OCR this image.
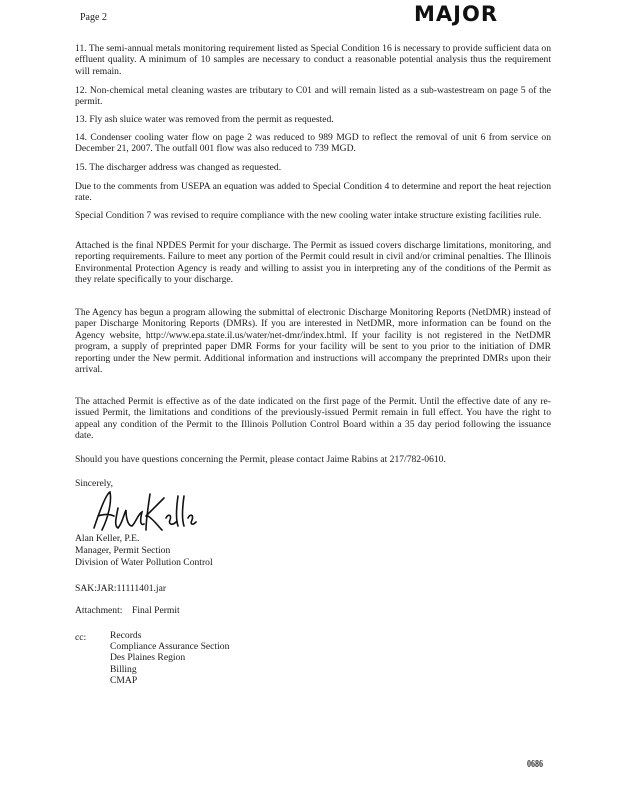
Page 2	MAJOR

11. The semi-annual metals monitoring requirement listed as Special Condition 16 is necessary to provide sufficient data on effluent quality. A minimum of 10 samples are necessary to conduct a reasonable potential analysis thus the requirement will remain.

12. Non-chemical metal cleaning wastes are tributary to C01 and will remain listed as a sub-wastestream on page 5 of the permit.

13. Fly ash sluice water was removed from the permit as requested.

14. Condenser cooling water flow on page 2 was reduced to 989 MGD to reflect the removal of unit 6 from service on December 21, 2007. The outfall 001 flow was also reduced to 739 MGD.

15. The discharger address was changed as requested.

Due to the comments from USEPA an equation was added to Special Condition 4 to determine and report the heat rejection rate.

Special Condition 7 was revised to require compliance with the new cooling water intake structure existing facilities rule.

Attached is the final NPDES Permit for your discharge. The Permit as issued covers discharge limitations, monitoring, and reporting requirements. Failure to meet any portion of the Permit could result in civil and/or criminal penalties. The Illinois Environmental Protection Agency is ready and willing to assist you in interpreting any of the conditions of the Permit as they relate specifically to your discharge.

The Agency has begun a program allowing the submittal of electronic Discharge Monitoring Reports (NetDMR) instead of paper Discharge Monitoring Reports (DMRs). If you are interested in NetDMR, more information can be found on the Agency website, http://www.epa.state.il.us/water/net-dmr/index.html. If your facility is not registered in the NetDMR program, a supply of preprinted paper DMR Forms for your facility will be sent to you prior to the initiation of DMR reporting under the New permit. Additional information and instructions will accompany the preprinted DMRs upon their arrival.

The attached Permit is effective as of the date indicated on the first page of the Permit. Until the effective date of any re-issued Permit, the limitations and conditions of the previously-issued Permit remain in full effect. You have the right to appeal any condition of the Permit to the Illinois Pollution Control Board within a 35 day period following the issuance date.

Should you have questions concerning the Permit, please contact Jaime Rabins at 217/782-0610.

Sincerely,

Alan Keller, P.E.

Manager, Permit Section

Division of Water Pollution Control

SAK:JAR:11111401.jar

Attachment:    Final Permit

cc: Records
Compliance Assurance Section
Des Plaines Region
Billing
CMAP
0686
